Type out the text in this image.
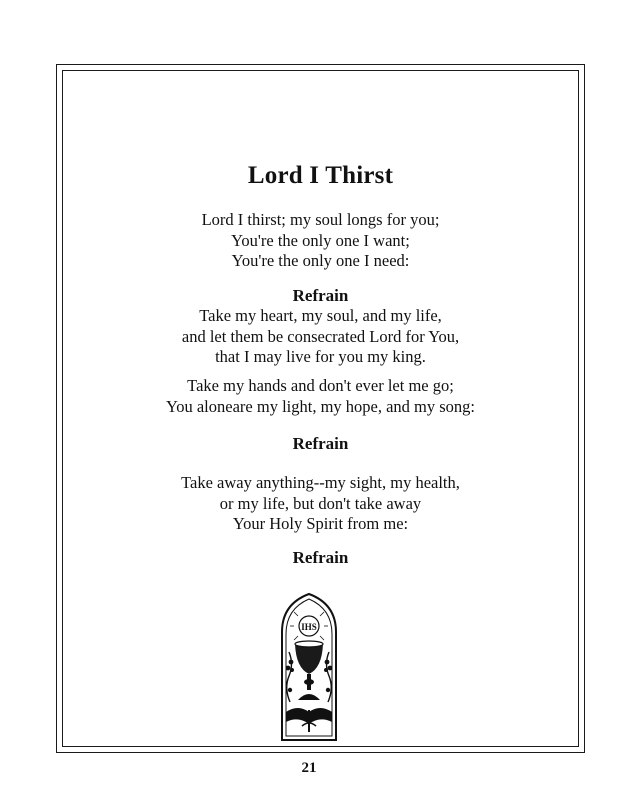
Lord I Thirst
Lord I thirst; my soul longs for you;
You're the only one I want;
You're the only one I need:
Refrain
Take my heart, my soul, and my life,
and let them be consecrated Lord for You,
that I may live for you my king.
Take my hands and don't ever let me go;
You aloneare my light, my hope, and my song:
Refrain
Take away anything--my sight, my health,
or my life, but don't take away
Your Holy Spirit from me:
Refrain
IHS
21
